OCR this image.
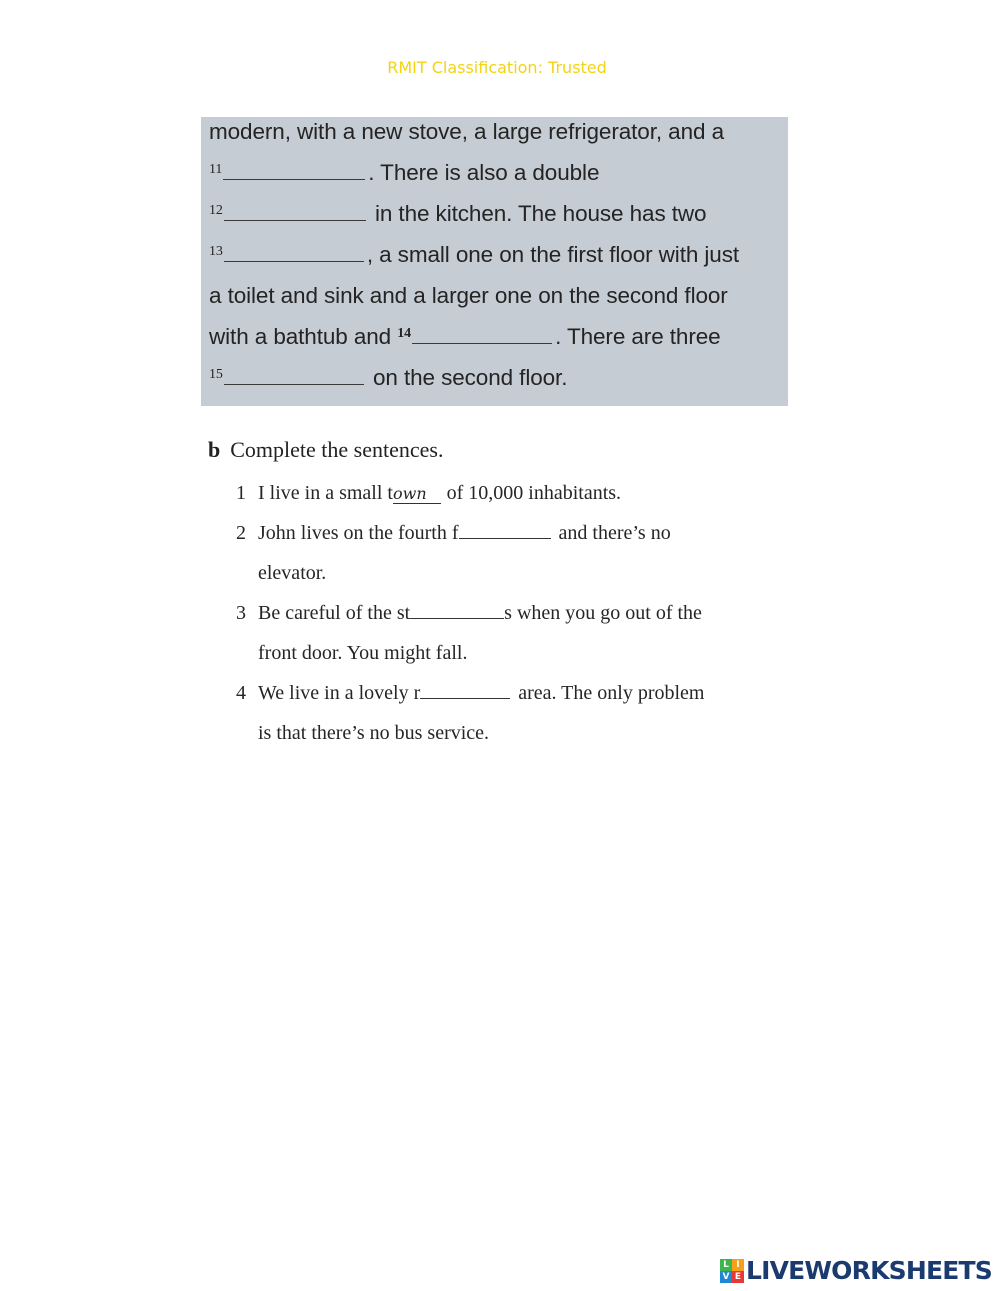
RMIT Classification: Trusted
modern, with a new stove, a large refrigerator, and a
$^{11}$	. There is also a double
$^{12}$	in the kitchen. The house has two
$^{13}$	, a small one on the first floor with just
a toilet and sink and a larger one on the second floor
with a bathtub and $^{14}$	. There are three
$^{15}$	on the second floor.
b Complete the sentences.
1 I live in a small town of 10,000 inhabitants.
2 John lives on the fourth f	and there’s no
elevator.
3 Be careful of the st	s when you go out of the
front door. You might fall.
4 We live in a lovely r	area. The only problem
is that there’s no bus service.
L I
V E LIVEWORKSHEETS
